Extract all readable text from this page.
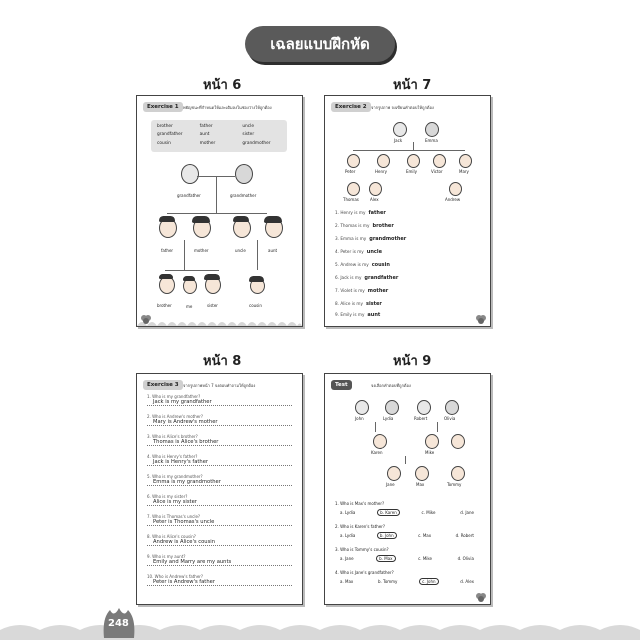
เฉลยแบบฝึกหัด
หน้า 6	หน้า 7
หน้า 8	หน้า 9
Exercise 1	พยัญชนะที่กำหนดให้และเติมลงในช่องว่างให้ถูกต้อง
brother	father	uncle
grandfather	aunt	sister
cousin	mother	grandmother
grandfather	grandmother
father	mother	uncle	aunt
brother	me	sister	cousin
Exercise 2	จากรูปภาพ จงเขียนคำตอบให้ถูกต้อง
Jack	Emma
Peter	Henry	Emily	Victor	Mary
Thomas	Alex	Andrew
1. Henry is my father
2. Thomas is my brother
3. Emma is my grandmother
4. Peter is my uncle
5. Andrew is my cousin
6. Jack is my grandfather
7. Violet is my mother
8. Alice is my sister
9. Emily is my aunt
Exercise 3	จากรูปภาพหน้า 7 จงตอบคำถามให้ถูกต้อง
1. Who is my grandfather?
Jack is my grandfather
2. Who is Andrew's mother?
Mary is Andrew's mother
3. Who is Alice's brother?
Thomas is Alice's brother
4. Who is Henry's father?
Jack is Henry's father
5. Who is my grandmother?
Emma is my grandmother
6. Who is my sister?
Alice is my sister
7. Who is Thomas's uncle?
Peter is Thomas's uncle
8. Who is Alice's cousin?
Andrew is Alice's cousin
9. Who is my aunt?
Emily and Marry are my aunts
10. Who is Andrew's father?
Peter is Andrew's father
Test	จงเลือกคำตอบที่ถูกต้อง
John	Lydia	Robert	Olivia
Karen	Mike
Jane	Max	Tommy
1. Who is Max's mother?
a. Lydia	b. Karen	c. Mike	d. Jane
2. Who is Karen's father?
a. Lydia	b. John	c. Max	d. Robert
3. Who is Tommy's cousin?
a. Jane	b. Max	c. Mike	d. Olivia
4. Who is Jane's grandfather?
a. Max	b. Tommy	c. John	d. Alex
248
